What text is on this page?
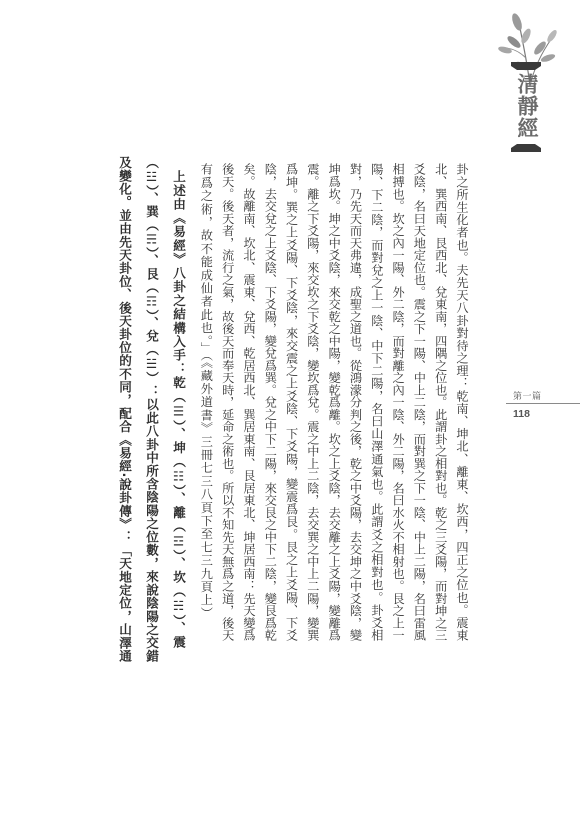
清靜經
卦之所生化者也。夫先天八卦對待之理：乾南、坤北、離東、坎西，四正之位也。震東
北、巽西南、艮西北、兌東南，四隅之位也。此謂卦之相對也。乾之三爻陽，而對坤之三
爻陰，名曰天地定位也。震之下一陽、中上二陰，而對巽之下一陰、中上二陽，名曰雷風
相搏也。坎之內一陽、外二陰，而對離之內一陰、外二陽，名曰水火不相射也。艮之上一
陽、下二陰，而對兌之上一陰、中下二陽，名曰山澤通氣也。此謂爻之相對也。卦爻相
對，乃先天而天弗違，成聖之道也。從鴻濛分判之後，乾之中爻陽，去交坤之中爻陰，變
坤爲坎。坤之中爻陰，來交乾之中陽，變乾爲離。坎之上爻陰，去交離之上爻陽，變離爲
震。離之下爻陽，來交坎之下爻陰，變坎爲兌。震之中上二陰，去交巽之中上二陽，變巽
爲坤。巽之上爻陽、下爻陰，來交震之上爻陰、下爻陽，變震爲艮。艮之上爻陽、下爻
陰，去交兌之上爻陰、下爻陽，變兌爲巽。兌之中下二陽，來交艮之中下二陰，變艮爲乾
矣。故離南、坎北、震東、兌西、乾居西北、巽居東南、艮居東北、坤居西南：先天變爲
後天。後天者，流行之氣，故後天而奉天時，延命之術也。所以不知先天無爲之道，後天
有爲之術，故不能成仙者此也。」（《藏外道書》三冊七三八頁下至七三九頁上）
上述由《易經》八卦之結構入手：乾（☰）、坤（☷）、離（☲）、坎（☵）、震
（☳）、巽（☴）、艮（☶）、兌（☱）：以此八卦中所含陰陽之位數，來說陰陽之交錯
及變化。並由先天卦位、後天卦位的不同，配合《易經‧說卦傳》：「天地定位，山澤通	第一篇
118
